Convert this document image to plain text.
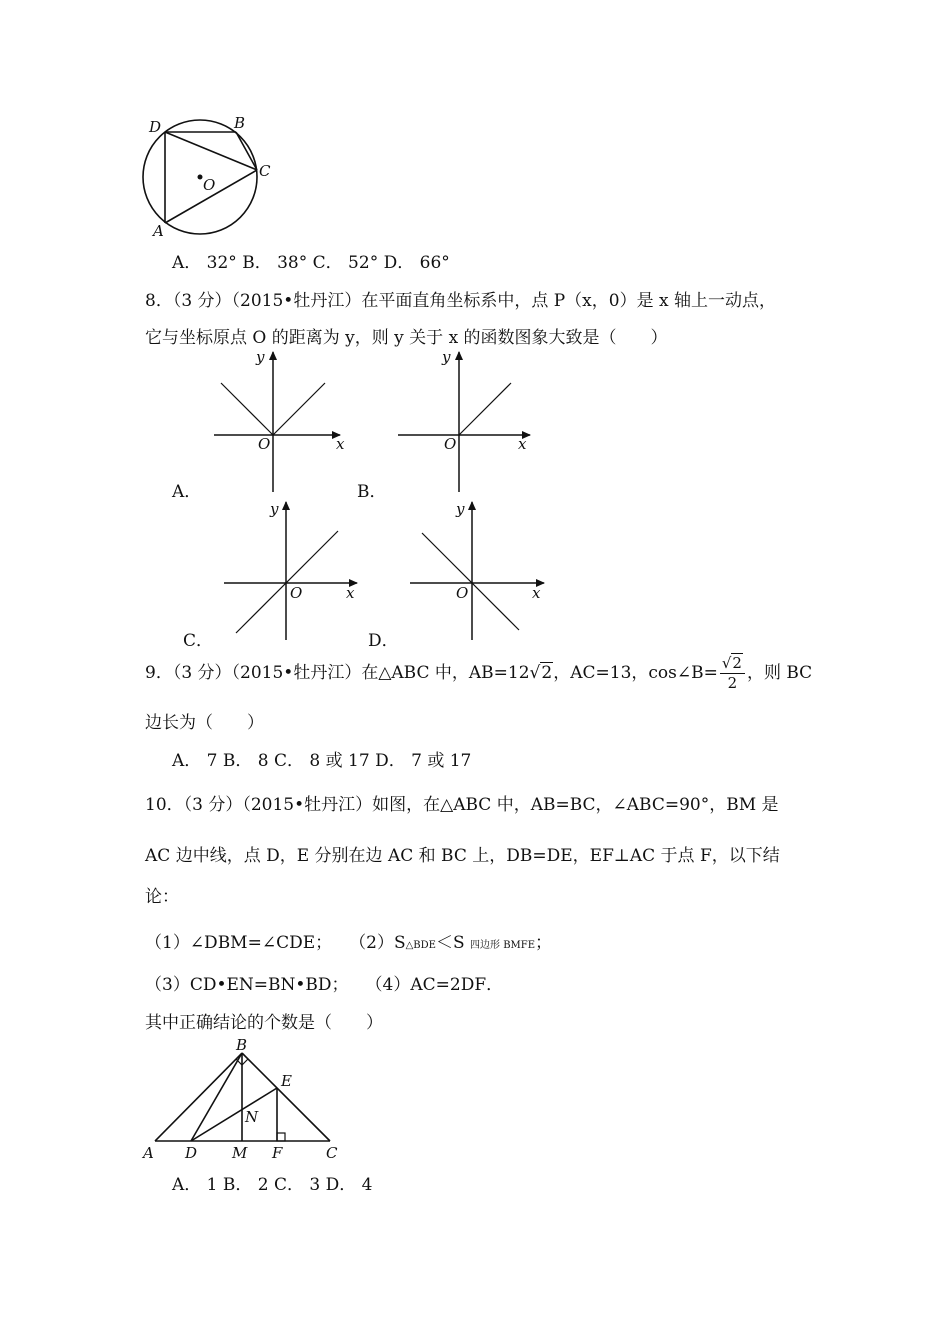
D	B
C
O
A
A． 32° B． 38° C． 52° D． 66°
8．（3 分）（2015•牡丹江）在平面直角坐标系中，点 P（x，0）是 x 轴上一动点，
它与坐标原点 O 的距离为 y，则 y 关于 x 的函数图象大致是（　　）
y
O	x
y
O	x
y
O	x
y
O	x
A．	B．
C．	D．
9．（3 分）（2015•牡丹江）在△ABC 中，AB=12√2，AC=13，cos∠B= $\frac{√2}{2}$ ，则 BC
边长为（　　）
A． 7 B． 8 C． 8 或 17 D． 7 或 17
10．（3 分）（2015•牡丹江）如图，在△ABC 中，AB=BC，∠ABC=90°，BM 是
AC 边中线，点 D，E 分别在边 AC 和 BC 上，DB=DE，EF⊥AC 于点 F，以下结
论：
（1）∠DBM=∠CDE；  （2）S△BDE＜S 四边形 BMFE；
（3）CD•EN=BN•BD；  （4）AC=2DF．
其中正确结论的个数是（　　）
B
E
N
A D M F	C
A． 1 B． 2 C． 3 D． 4
